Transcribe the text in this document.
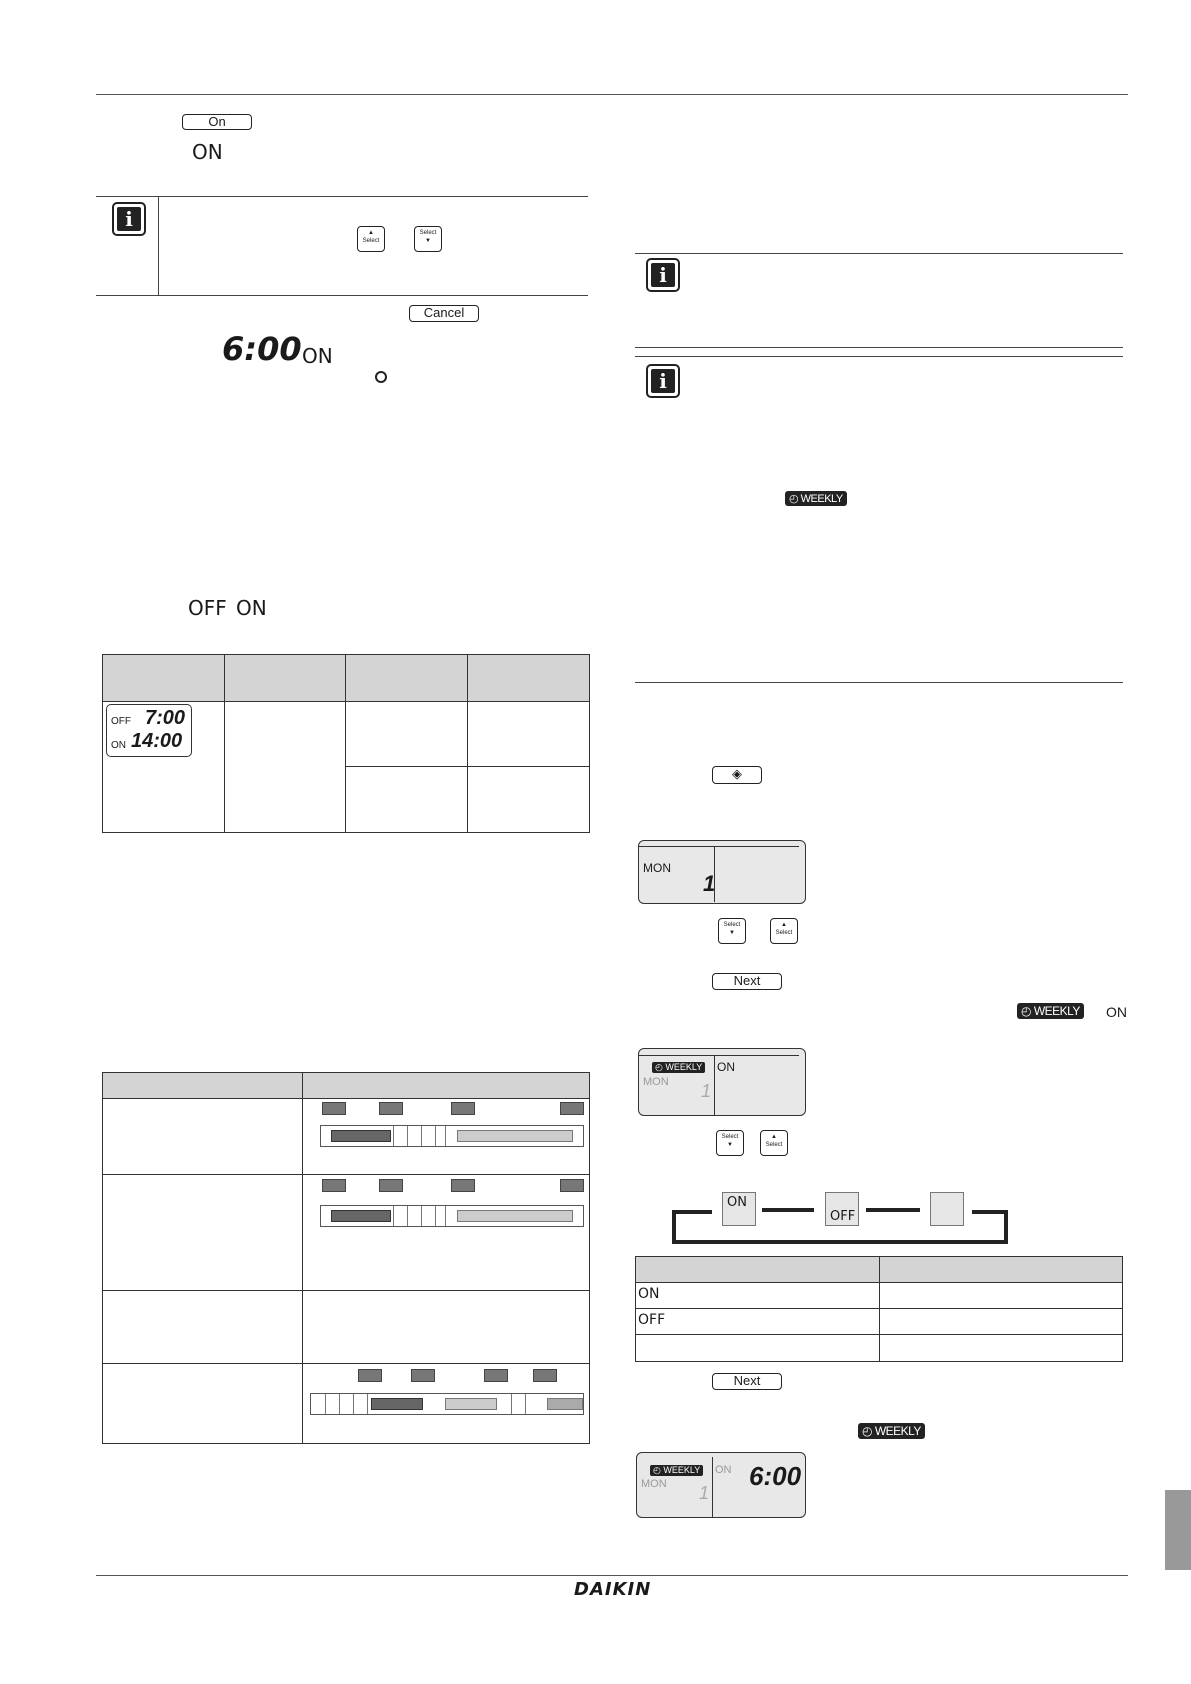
On
ON
i
▲
Select
Select
▼
Cancel
6:00 ON
OFF ON
OFF 7:00
ON 14:00
i
i
◴ WEEKLY
◈
MON
1
Select
▼
▲
Select
Next
◴ WEEKLY ON
◴ WEEKLY ON
MON 1
Select
▼
▲
Select
ON
OFF
ON
OFF
Next
◴ WEEKLY
◴ WEEKLY ON 6:00
MON 1
DAIKIN
